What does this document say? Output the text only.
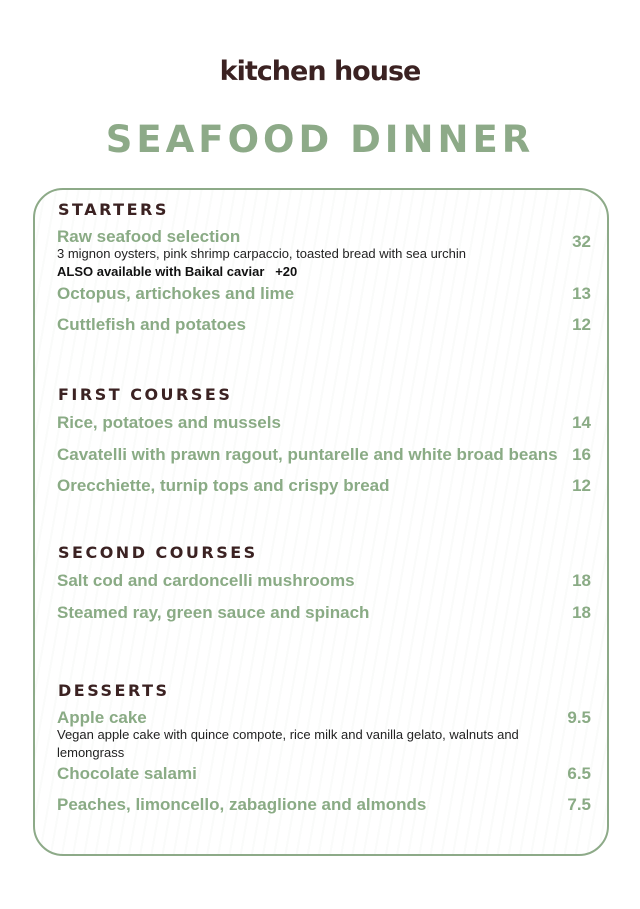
kitchen house
SEAFOOD DINNER
STARTERS
Raw seafood selection	32
3 mignon oysters, pink shrimp carpaccio, toasted bread with sea urchin
ALSO available with Baikal caviar   +20
Octopus, artichokes and lime	13
Cuttlefish and potatoes	12
FIRST COURSES
Rice, potatoes and mussels	14
Cavatelli with prawn ragout, puntarelle and white broad beans 16
Orecchiette, turnip tops and crispy bread	12
SECOND COURSES
Salt cod and cardoncelli mushrooms	18
Steamed ray, green sauce and spinach	18
DESSERTS
Apple cake	9.5
Vegan apple cake with quince compote, rice milk and vanilla gelato, walnuts and lemongrass
Chocolate salami	6.5
Peaches, limoncello, zabaglione and almonds	7.5
